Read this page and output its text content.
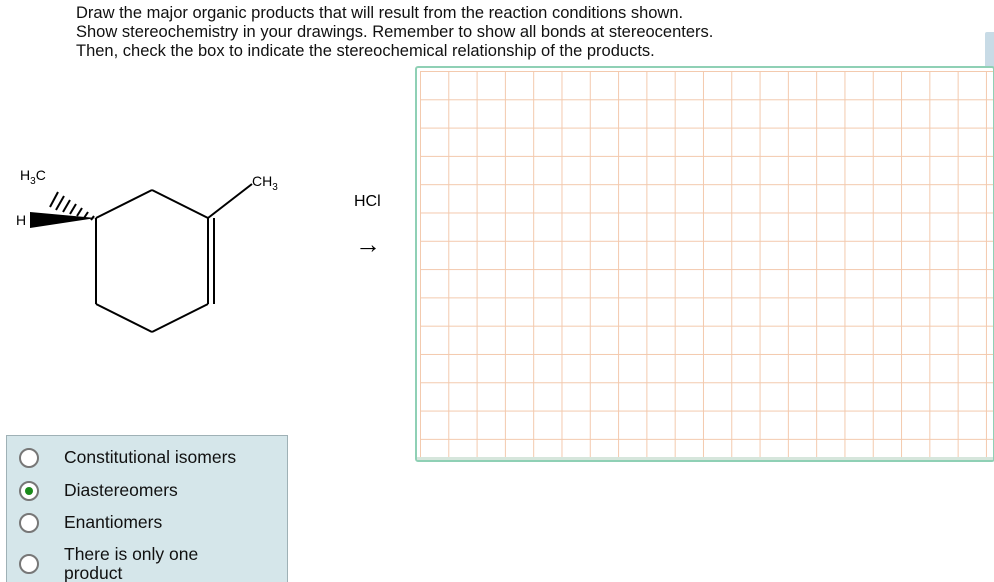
Draw the major organic products that will result from the reaction conditions shown.
Show stereochemistry in your drawings. Remember to show all bonds at stereocenters.
Then, check the box to indicate the stereochemical relationship of the products.
$H_3C$	$CH_3$
H
HCl
→
Constitutional isomers
Diastereomers
Enantiomers
There is only one product
